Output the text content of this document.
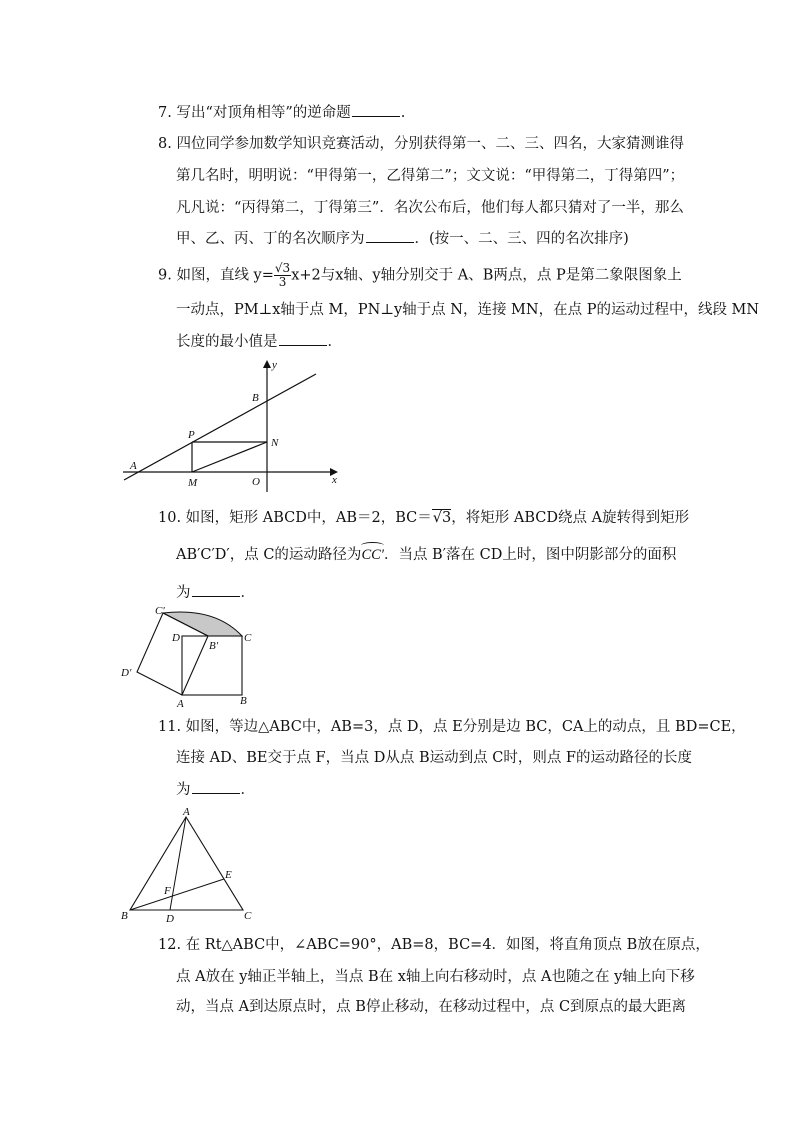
7. 写出“对顶角相等”的逆命题	.
8. 四位同学参加数学知识竞赛活动，分别获得第一、二、三、四名，大家猜测谁得
第几名时，明明说：“甲得第一，乙得第二”；文文说：“甲得第二，丁得第四”；
凡凡说：“丙得第二，丁得第三”．名次公布后，他们每人都只猜对了一半，那么
甲、乙、丙、丁的名次顺序为	．(按一、二、三、四的名次排序)
9. 如图，直线 $y= \frac{√3}{3} x+2$与x轴、y轴分别交于 A、B两点，点 P是第二象限图象上
一动点，PM⊥x轴于点 M，PN⊥y轴于点 N，连接 MN，在点 P的运动过程中，线段 MN
长度的最小值是	．
y
B
P
N
A
M	O	x
10. 如图，矩形 ABCD中，AB＝2，BC＝√3，将矩形 ABCD绕点 A旋转得到矩形
AB′C′D′，点 C的运动路径为CC′．当点 B′落在 CD上时，图中阴影部分的面积
为	．
C′
D	C
B′
D′
A	B
11. 如图，等边△ABC中，AB=3，点 D，点 E分别是边 BC，CA上的动点，且 BD=CE，
连接 AD、BE交于点 F，当点 D从点 B运动到点 C时，则点 F的运动路径的长度
为	．
A
E
F
B	D	C
12. 在 Rt△ABC中，∠ABC=90°，AB=8，BC=4．如图，将直角顶点 B放在原点，
点 A放在 y轴正半轴上，当点 B在 x轴上向右移动时，点 A也随之在 y轴上向下移
动，当点 A到达原点时，点 B停止移动，在移动过程中，点 C到原点的最大距离
